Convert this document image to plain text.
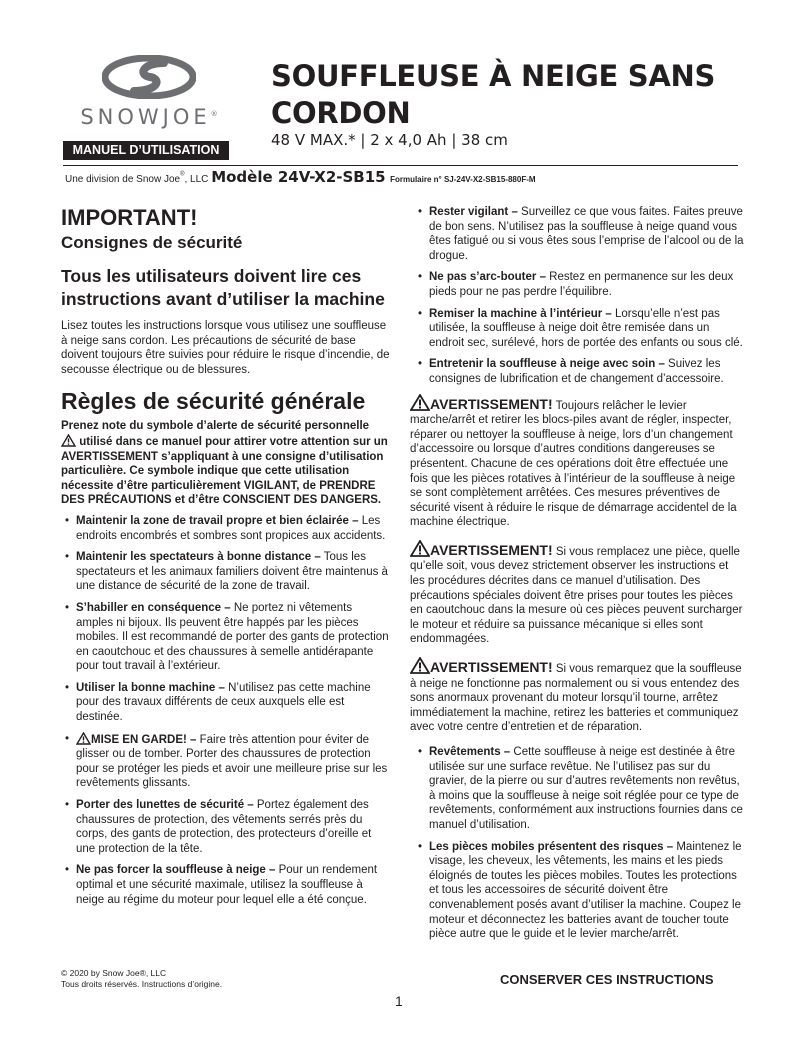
SNOWJOE®
MANUEL D’UTILISATION
SOUFFLEUSE À NEIGE SANS CORDON
48 V MAX.* | 2 x 4,0 Ah | 38 cm
Une division de Snow Joe®, LLC Modèle 24V-X2-SB15 Formulaire n° SJ-24V-X2-SB15-880F-M
IMPORTANT!
Consignes de sécurité
Tous les utilisateurs doivent lire ces instructions avant d’utiliser la machine

Lisez toutes les instructions lorsque vous utilisez une souffleuse à neige sans cordon. Les précautions de sécurité de base doivent toujours être suivies pour réduire le risque d’incendie, de secousse électrique ou de blessures.

Règles de sécurité générale

Prenez note du symbole d’alerte de sécurité personnelle
utilisé dans ce manuel pour attirer votre attention sur un AVERTISSEMENT s’appliquant à une consigne d’utilisation particulière. Ce symbole indique que cette utilisation nécessite d’être particulièrement VIGILANT, de PRENDRE DES PRÉCAUTIONS et d’être CONSCIENT DES DANGERS.

• Maintenir la zone de travail propre et bien éclairée – Les endroits encombrés et sombres sont propices aux accidents.
• Maintenir les spectateurs à bonne distance – Tous les spectateurs et les animaux familiers doivent être maintenus à une distance de sécurité de la zone de travail.
• S’habiller en conséquence – Ne portez ni vêtements amples ni bijoux. Ils peuvent être happés par les pièces mobiles. Il est recommandé de porter des gants de protection en caoutchouc et des chaussures à semelle antidérapante pour tout travail à l’extérieur.
• Utiliser la bonne machine – N’utilisez pas cette machine pour des travaux différents de ceux auxquels elle est destinée.
• MISE EN GARDE! – Faire très attention pour éviter de glisser ou de tomber. Porter des chaussures de protection pour se protéger les pieds et avoir une meilleure prise sur les revêtements glissants.
• Porter des lunettes de sécurité – Portez également des chaussures de protection, des vêtements serrés près du corps, des gants de protection, des protecteurs d’oreille et une protection de la tête.
• Ne pas forcer la souffleuse à neige – Pour un rendement optimal et une sécurité maximale, utilisez la souffleuse à neige au régime du moteur pour lequel elle a été conçue.
• Rester vigilant – Surveillez ce que vous faites. Faites preuve de bon sens. N’utilisez pas la souffleuse à neige quand vous êtes fatigué ou si vous êtes sous l’emprise de l’alcool ou de la drogue.
• Ne pas s’arc-bouter – Restez en permanence sur les deux pieds pour ne pas perdre l’équilibre.
• Remiser la machine à l’intérieur – Lorsqu’elle n’est pas utilisée, la souffleuse à neige doit être remisée dans un endroit sec, surélevé, hors de portée des enfants ou sous clé.
• Entretenir la souffleuse à neige avec soin – Suivez les consignes de lubrification et de changement d’accessoire.

AVERTISSEMENT! Toujours relâcher le levier marche/arrêt et retirer les blocs-piles avant de régler, inspecter, réparer ou nettoyer la souffleuse à neige, lors d’un changement d’accessoire ou lorsque d’autres conditions dangereuses se présentent. Chacune de ces opérations doit être effectuée une fois que les pièces rotatives à l’intérieur de la souffleuse à neige se sont complètement arrêtées. Ces mesures préventives de sécurité visent à réduire le risque de démarrage accidentel de la machine électrique.

AVERTISSEMENT! Si vous remplacez une pièce, quelle qu’elle soit, vous devez strictement observer les instructions et les procédures décrites dans ce manuel d’utilisation. Des précautions spéciales doivent être prises pour toutes les pièces en caoutchouc dans la mesure où ces pièces peuvent surcharger le moteur et réduire sa puissance mécanique si elles sont endommagées.

AVERTISSEMENT! Si vous remarquez que la souffleuse à neige ne fonctionne pas normalement ou si vous entendez des sons anormaux provenant du moteur lorsqu’il tourne, arrêtez immédiatement la machine, retirez les batteries et communiquez avec votre centre d’entretien et de réparation.

• Revêtements – Cette souffleuse à neige est destinée à être utilisée sur une surface revêtue. Ne l’utilisez pas sur du gravier, de la pierre ou sur d’autres revêtements non revêtus, à moins que la souffleuse à neige soit réglée pour ce type de revêtements, conformément aux instructions fournies dans ce manuel d’utilisation.
• Les pièces mobiles présentent des risques – Maintenez le visage, les cheveux, les vêtements, les mains et les pieds éloignés de toutes les pièces mobiles. Toutes les protections et tous les accessoires de sécurité doivent être convenablement posés avant d’utiliser la machine. Coupez le moteur et déconnectez les batteries avant de toucher toute pièce autre que le guide et le levier marche/arrêt.
© 2020 by Snow Joe®, LLC
Tous droits réservés. Instructions d’origine.	CONSERVER CES INSTRUCTIONS
1
